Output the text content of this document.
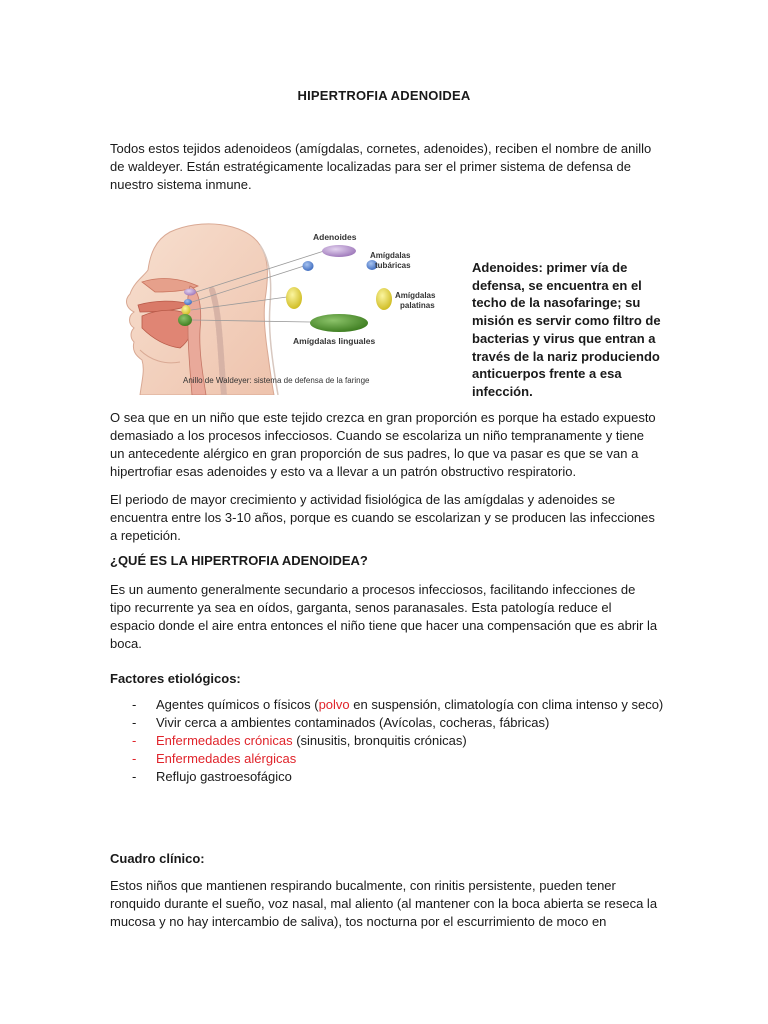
HIPERTROFIA ADENOIDEA

Todos estos tejidos adenoideos (amígdalas, cornetes, adenoides), reciben el nombre de anillo de waldeyer. Están estratégicamente localizadas para ser el primer sistema de defensa de nuestro sistema inmune.

Adenoides
Amígdalas
tubáricas
Amígdalas
palatinas
Amígdalas linguales
Anillo de Waldeyer: sistema de defensa de la faringe
Adenoides: primer vía de defensa, se encuentra en el techo de la nasofaringe; su misión es servir como filtro de bacterias y virus que entran a través de la nariz produciendo anticuerpos frente a esa infección.

O sea que en un niño que este tejido crezca en gran proporción es porque ha estado expuesto demasiado a los procesos infecciosos. Cuando se escolariza un niño tempranamente y tiene un antecedente alérgico en gran proporción de sus padres, lo que va pasar es que se van a hipertrofiar esas adenoides y esto va a llevar a un patrón obstructivo respiratorio.

El periodo de mayor crecimiento y actividad fisiológica de las amígdalas y adenoides se encuentra entre los 3-10 años, porque es cuando se escolarizan y se producen las infecciones a repetición.

¿QUÉ ES LA HIPERTROFIA ADENOIDEA?

Es un aumento generalmente secundario a procesos infecciosos, facilitando infecciones de tipo recurrente ya sea en oídos, garganta, senos paranasales. Esta patología reduce el espacio donde el aire entra entonces el niño tiene que hacer una compensación que es abrir la boca.

Factores etiológicos:
- Agentes químicos o físicos (polvo en suspensión, climatología con clima intenso y seco)
- Vivir cerca a ambientes contaminados (Avícolas, cocheras, fábricas)
- Enfermedades crónicas (sinusitis, bronquitis crónicas)
- Enfermedades alérgicas
- Reflujo gastroesofágico
Cuadro clínico:

Estos niños que mantienen respirando bucalmente, con rinitis persistente, pueden tener ronquido durante el sueño, voz nasal, mal aliento (al mantener con la boca abierta se reseca la mucosa y no hay intercambio de saliva), tos nocturna por el escurrimiento de moco en
